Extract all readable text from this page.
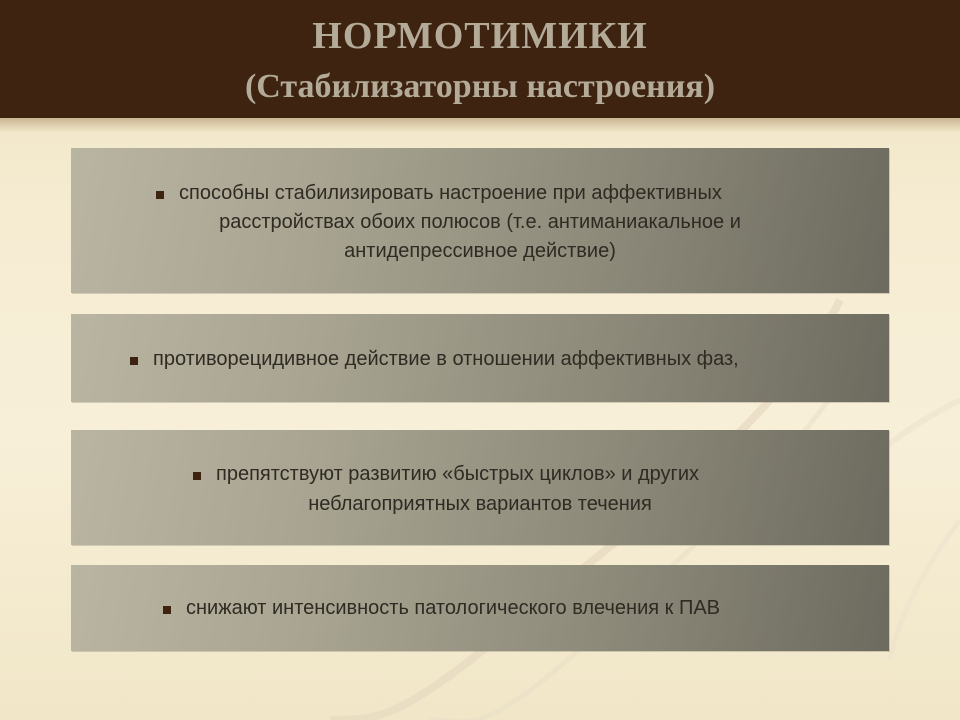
НОРМОТИМИКИ
(Стабилизаторны настроения)
способны стабилизировать настроение при аффективных
расстройствах обоих полюсов (т.е. антиманиакальное и
антидепрессивное действие)
противорецидивное действие в отношении аффективных фаз,
препятствуют развитию «быстрых циклов» и других
неблагоприятных вариантов течения
снижают интенсивность патологического влечения к ПАВ
